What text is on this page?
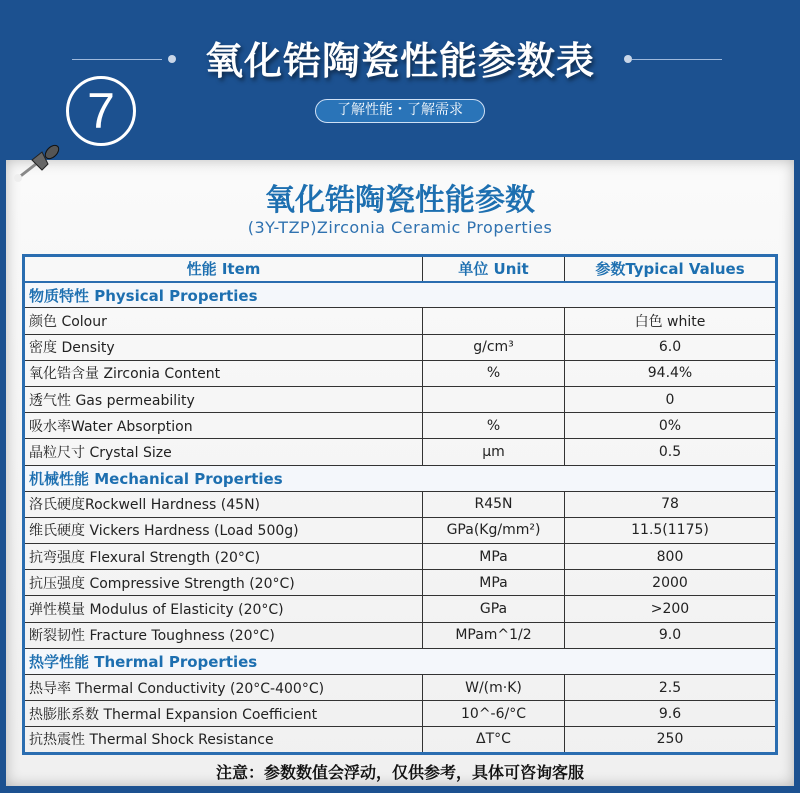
氧化锆陶瓷性能参数表
7	了解性能・了解需求
氧化锆陶瓷性能参数
(3Y-TZP)Zirconia Ceramic Properties
性能 Item	单位 Unit	参数Typical Values
物质特性 Physical Properties		
颜色 Colour		白色 white
密度 Density	g/cm³	6.0
氧化锆含量 Zirconia Content	%	94.4%
透气性 Gas permeability		0
吸水率Water Absorption	%	0%
晶粒尺寸 Crystal Size	μm	0.5
机械性能 Mechanical Properties		
洛氏硬度Rockwell Hardness (45N)	R45N	78
维氏硬度 Vickers Hardness (Load 500g)	GPa(Kg/mm²)	11.5(1175)
抗弯强度 Flexural Strength (20°C)	MPa	800
抗压强度 Compressive Strength (20°C)	MPa	2000
弹性模量 Modulus of Elasticity (20°C)	GPa	>200
断裂韧性 Fracture Toughness (20°C)	MPam^1/2	9.0
热学性能 Thermal Properties		
热导率 Thermal Conductivity (20°C-400°C)	W/(m·K)	2.5
热膨胀系数 Thermal Expansion Coefficient	10^-6/°C	9.6
抗热震性 Thermal Shock Resistance	ΔT°C	250
注意：参数数值会浮动，仅供参考，具体可咨询客服
